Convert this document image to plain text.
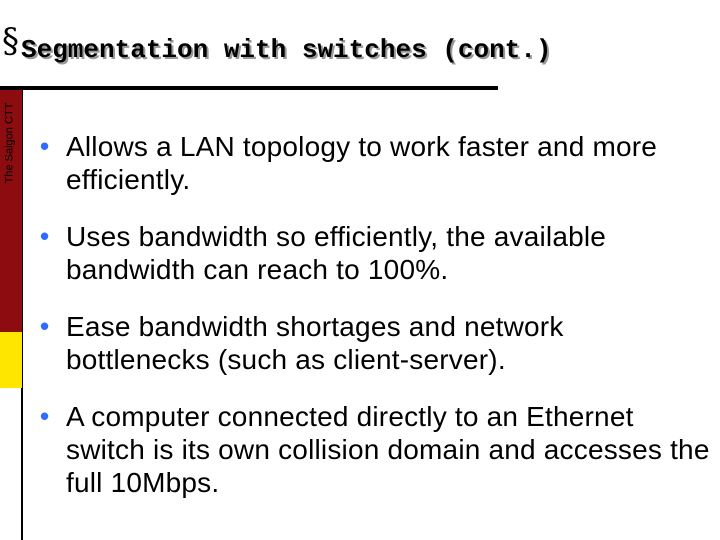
The Saigon CTT
§ Segmentation with switches (cont.)
• Allows a LAN topology to work faster and more efficiently.
• Uses bandwidth so efficiently, the available bandwidth can reach to 100%.
• Ease bandwidth shortages and network bottlenecks (such as client-server).
• A computer connected directly to an Ethernet switch is its own collision domain and accesses the full 10Mbps.
